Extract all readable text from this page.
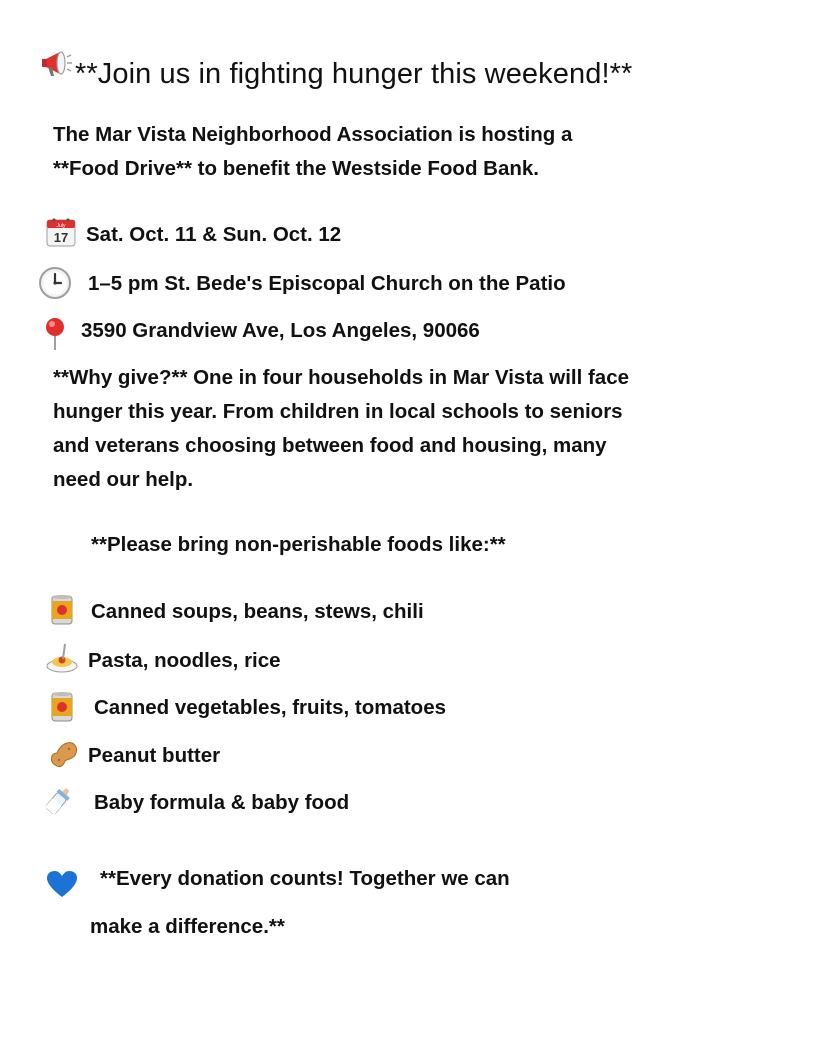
**Join us in fighting hunger this weekend!**
The Mar Vista Neighborhood Association is hosting a
**Food Drive** to benefit the Westside Food Bank.
July
17 Sat. Oct. 11 & Sun. Oct. 12
1–5 pm St. Bede's Episcopal Church on the Patio
3590 Grandview Ave, Los Angeles, 90066
**Why give?** One in four households in Mar Vista will face
hunger this year. From children in local schools to seniors
and veterans choosing between food and housing, many
need our help.
**Please bring non-perishable foods like:**
Canned soups, beans, stews, chili
Pasta, noodles, rice
Canned vegetables, fruits, tomatoes
Peanut butter
Baby formula & baby food
**Every donation counts! Together we can
make a difference.**
